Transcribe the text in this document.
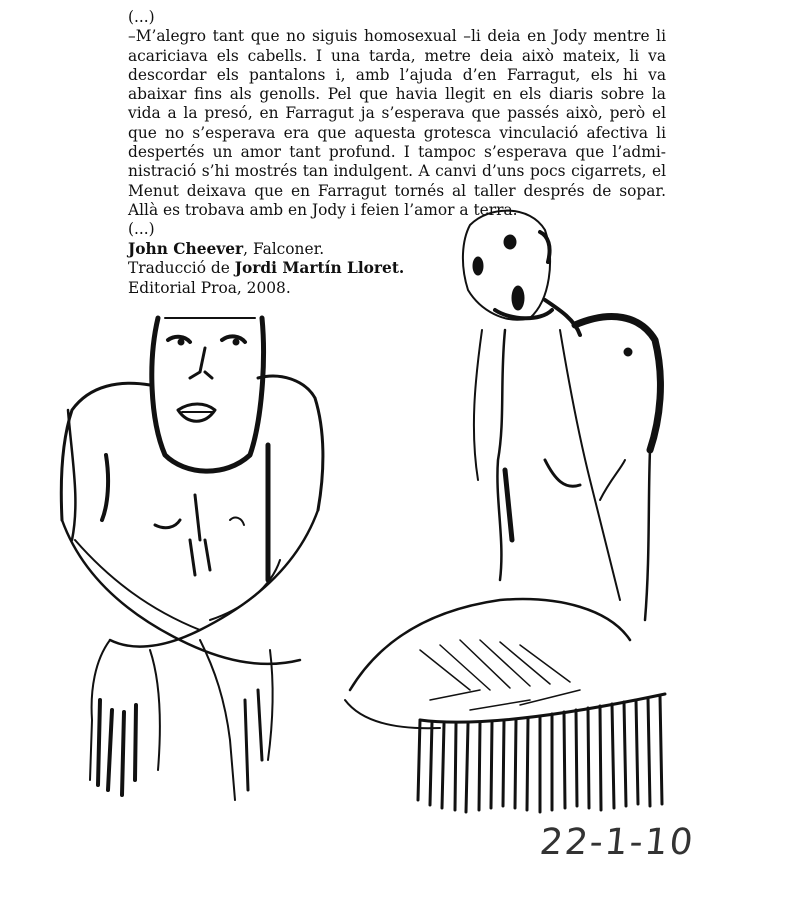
(...)

–M’alegro tant que no siguis homosexual –li deia en Jody mentre li acariciava els cabells. I una tarda, metre deia això mateix, li va descordar els pantalons i, amb l’ajuda d’en Farragut, els hi va abaixar fins als genolls. Pel que havia llegit en els diaris sobre la vida a la presó, en Farragut ja s’esperava que passés això, però el que no s’esperava era que aquesta grotesca vinculació afectiva li despertés un amor tant profund. I tampoc s’esperava que l’administració s’hi mostrés tan indulgent. A canvi d’uns pocs cigarrets, el Menut deixava que en Farragut tornés al taller després de sopar. Allà es trobava amb en Jody i feien l’amor a terra.

(...)

John Cheever, Falconer.
Traducció de Jordi Martín Lloret.
Editorial Proa, 2008.
22-1-10
